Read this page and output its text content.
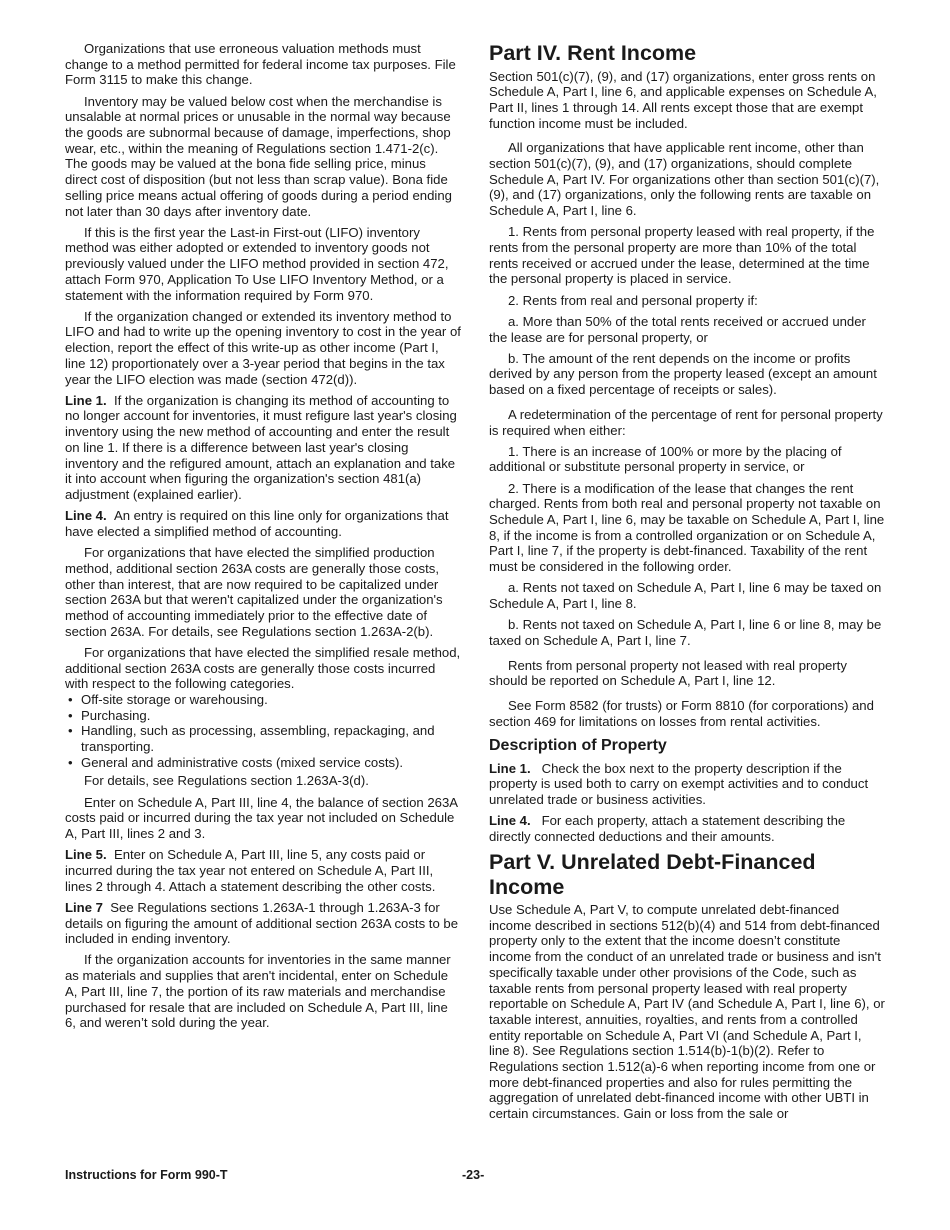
Organizations that use erroneous valuation methods must change to a method permitted for federal income tax purposes. File Form 3115 to make this change.

Inventory may be valued below cost when the merchandise is unsalable at normal prices or unusable in the normal way because the goods are subnormal because of damage, imperfections, shop wear, etc., within the meaning of Regulations section 1.471-2(c). The goods may be valued at the bona fide selling price, minus direct cost of disposition (but not less than scrap value). Bona fide selling price means actual offering of goods during a period ending not later than 30 days after inventory date.

If this is the first year the Last-in First-out (LIFO) inventory method was either adopted or extended to inventory goods not previously valued under the LIFO method provided in section 472, attach Form 970, Application To Use LIFO Inventory Method, or a statement with the information required by Form 970.

If the organization changed or extended its inventory method to LIFO and had to write up the opening inventory to cost in the year of election, report the effect of this write-up as other income (Part I, line 12) proportionately over a 3-year period that begins in the tax year the LIFO election was made (section 472(d)).

Line 1. If the organization is changing its method of accounting to no longer account for inventories, it must refigure last year's closing inventory using the new method of accounting and enter the result on line 1. If there is a difference between last year's closing inventory and the refigured amount, attach an explanation and take it into account when figuring the organization's section 481(a) adjustment (explained earlier).

Line 4. An entry is required on this line only for organizations that have elected a simplified method of accounting.

For organizations that have elected the simplified production method, additional section 263A costs are generally those costs, other than interest, that are now required to be capitalized under section 263A but that weren't capitalized under the organization's method of accounting immediately prior to the effective date of section 263A. For details, see Regulations section 1.263A-2(b).

For organizations that have elected the simplified resale method, additional section 263A costs are generally those costs incurred with respect to the following categories.

• Off-site storage or warehousing.
• Purchasing.
• Handling, such as processing, assembling, repackaging, and transporting.
• General and administrative costs (mixed service costs).

For details, see Regulations section 1.263A-3(d).

Enter on Schedule A, Part III, line 4, the balance of section 263A costs paid or incurred during the tax year not included on Schedule A, Part III, lines 2 and 3.

Line 5. Enter on Schedule A, Part III, line 5, any costs paid or incurred during the tax year not entered on Schedule A, Part III, lines 2 through 4. Attach a statement describing the other costs.

Line 7 See Regulations sections 1.263A-1 through 1.263A-3 for details on figuring the amount of additional section 263A costs to be included in ending inventory.

If the organization accounts for inventories in the same manner as materials and supplies that aren't incidental, enter on Schedule A, Part III, line 7, the portion of its raw materials and merchandise purchased for resale that are included on Schedule A, Part III, line 6, and weren’t sold during the year.

Part IV. Rent Income

Section 501(c)(7), (9), and (17) organizations, enter gross rents on Schedule A, Part I, line 6, and applicable expenses on Schedule A, Part II, lines 1 through 14. All rents except those that are exempt function income must be included.

All organizations that have applicable rent income, other than section 501(c)(7), (9), and (17) organizations, should complete Schedule A, Part IV. For organizations other than section 501(c)(7), (9), and (17) organizations, only the following rents are taxable on Schedule A, Part I, line 6.

1. Rents from personal property leased with real property, if the rents from the personal property are more than 10% of the total rents received or accrued under the lease, determined at the time the personal property is placed in service.

2. Rents from real and personal property if:

a. More than 50% of the total rents received or accrued under the lease are for personal property, or

b. The amount of the rent depends on the income or profits derived by any person from the property leased (except an amount based on a fixed percentage of receipts or sales).

A redetermination of the percentage of rent for personal property is required when either:

1. There is an increase of 100% or more by the placing of additional or substitute personal property in service, or

2. There is a modification of the lease that changes the rent charged. Rents from both real and personal property not taxable on Schedule A, Part I, line 6, may be taxable on Schedule A, Part I, line 8, if the income is from a controlled organization or on Schedule A, Part I, line 7, if the property is debt-financed. Taxability of the rent must be considered in the following order.

a. Rents not taxed on Schedule A, Part I, line 6 may be taxed on Schedule A, Part I, line 8.

b. Rents not taxed on Schedule A, Part I, line 6 or line 8, may be taxed on Schedule A, Part I, line 7.

Rents from personal property not leased with real property should be reported on Schedule A, Part I, line 12.

See Form 8582 (for trusts) or Form 8810 (for corporations) and section 469 for limitations on losses from rental activities.

Description of Property

Line 1. Check the box next to the property description if the property is used both to carry on exempt activities and to conduct unrelated trade or business activities.

Line 4. For each property, attach a statement describing the directly connected deductions and their amounts.

Part V. Unrelated Debt-Financed Income

Use Schedule A, Part V, to compute unrelated debt-financed income described in sections 512(b)(4) and 514 from debt-financed property only to the extent that the income doesn’t constitute income from the conduct of an unrelated trade or business and isn't specifically taxable under other provisions of the Code, such as taxable rents from personal property leased with real property reportable on Schedule A, Part IV (and Schedule A, Part I, line 6), or taxable interest, annuities, royalties, and rents from a controlled entity reportable on Schedule A, Part VI (and Schedule A, Part I, line 8). See Regulations section 1.514(b)-1(b)(2). Refer to Regulations section 1.512(a)-6 when reporting income from one or more debt-financed properties and also for rules permitting the aggregation of unrelated debt-financed income with other UBTI in certain circumstances. Gain or loss from the sale or

Instructions for Form 990-T	-23-
